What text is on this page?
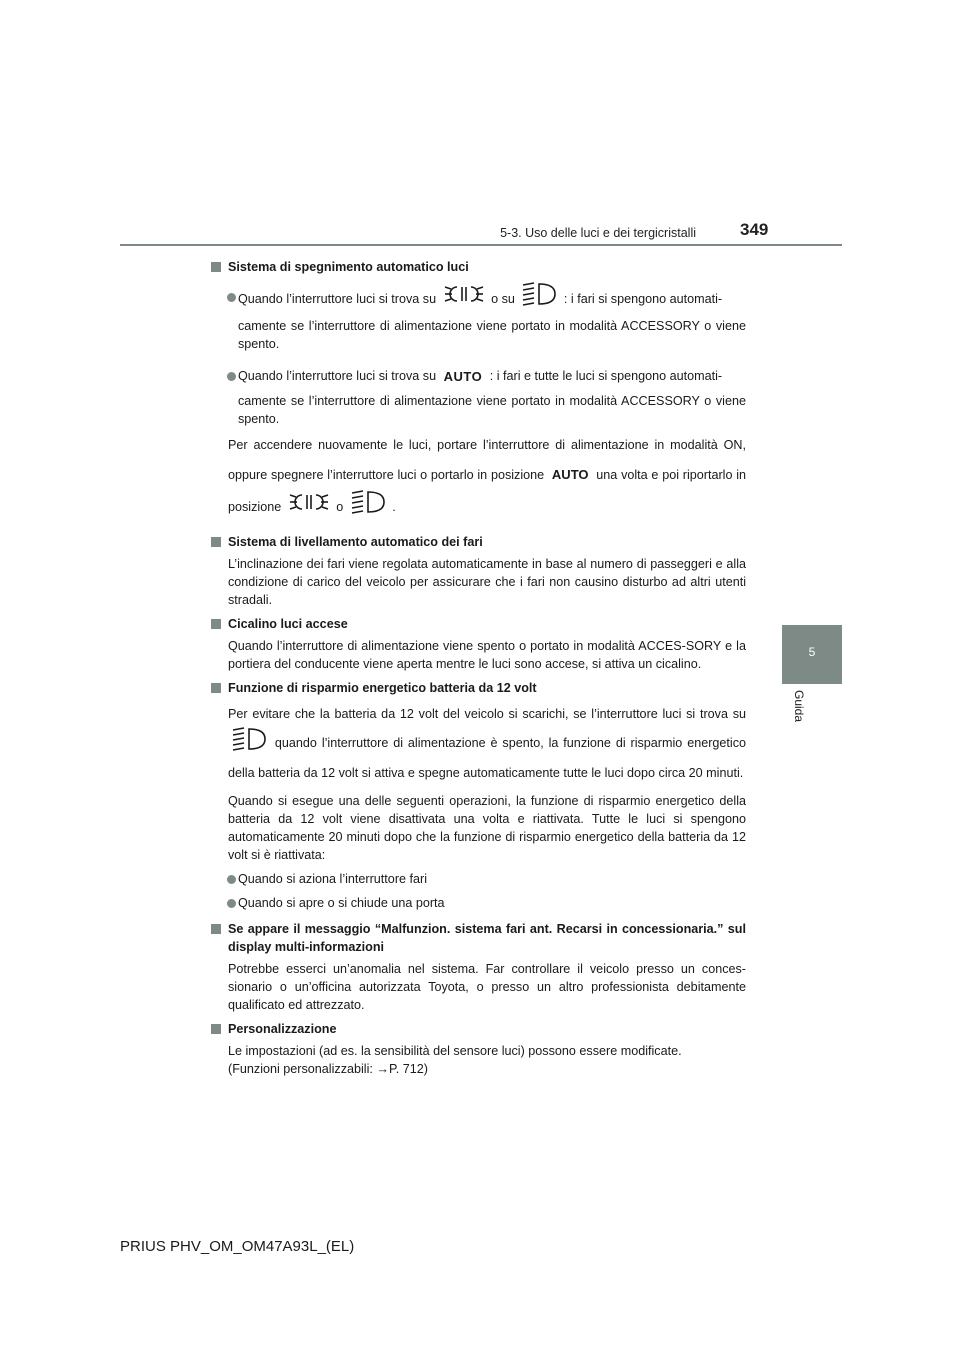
5-3. Uso delle luci e dei tergicristalli	349
5
Guida
Sistema di spegnimento automatico luci
Quando l’interruttore luci si trova su	o su	: i fari si spengono automati-
camente se l’interruttore di alimentazione viene portato in modalità ACCESSORY o viene spento.
Quando l’interruttore luci si trova su AUTO : i fari e tutte le luci si spengono automati-
camente se l’interruttore di alimentazione viene portato in modalità ACCESSORY o viene spento.
Per accendere nuovamente le luci, portare l’interruttore di alimentazione in modalità ON, oppure spegnere l’interruttore luci o portarlo in posizione AUTO una volta e poi riportarlo in posizione	o	.
Sistema di livellamento automatico dei fari
L’inclinazione dei fari viene regolata automaticamente in base al numero di passeggeri e alla condizione di carico del veicolo per assicurare che i fari non causino disturbo ad altri utenti stradali.
Cicalino luci accese
Quando l’interruttore di alimentazione viene spento o portato in modalità ACCES-SORY e la portiera del conducente viene aperta mentre le luci sono accese, si attiva un cicalino.
Funzione di risparmio energetico batteria da 12 volt
Per evitare che la batteria da 12 volt del veicolo si scarichi, se l’interruttore luci si trova su  quando l’interruttore di alimentazione è spento, la funzione di risparmio energetico della batteria da 12 volt si attiva e spegne automaticamente tutte le luci dopo circa 20 minuti.
Quando si esegue una delle seguenti operazioni, la funzione di risparmio energetico della batteria da 12 volt viene disattivata una volta e riattivata. Tutte le luci si spengono automaticamente 20 minuti dopo che la funzione di risparmio energetico della batteria da 12 volt si è riattivata:
Quando si aziona l’interruttore fari
Quando si apre o si chiude una porta
Se appare il messaggio “Malfunzion. sistema fari ant. Recarsi in concessionaria.” sul display multi-informazioni
Potrebbe esserci un’anomalia nel sistema. Far controllare il veicolo presso un conces-sionario o un’officina autorizzata Toyota, o presso un altro professionista debitamente qualificato ed attrezzato.
Personalizzazione
Le impostazioni (ad es. la sensibilità del sensore luci) possono essere modificate.
(Funzioni personalizzabili: →P. 712)
PRIUS PHV_OM_OM47A93L_(EL)
